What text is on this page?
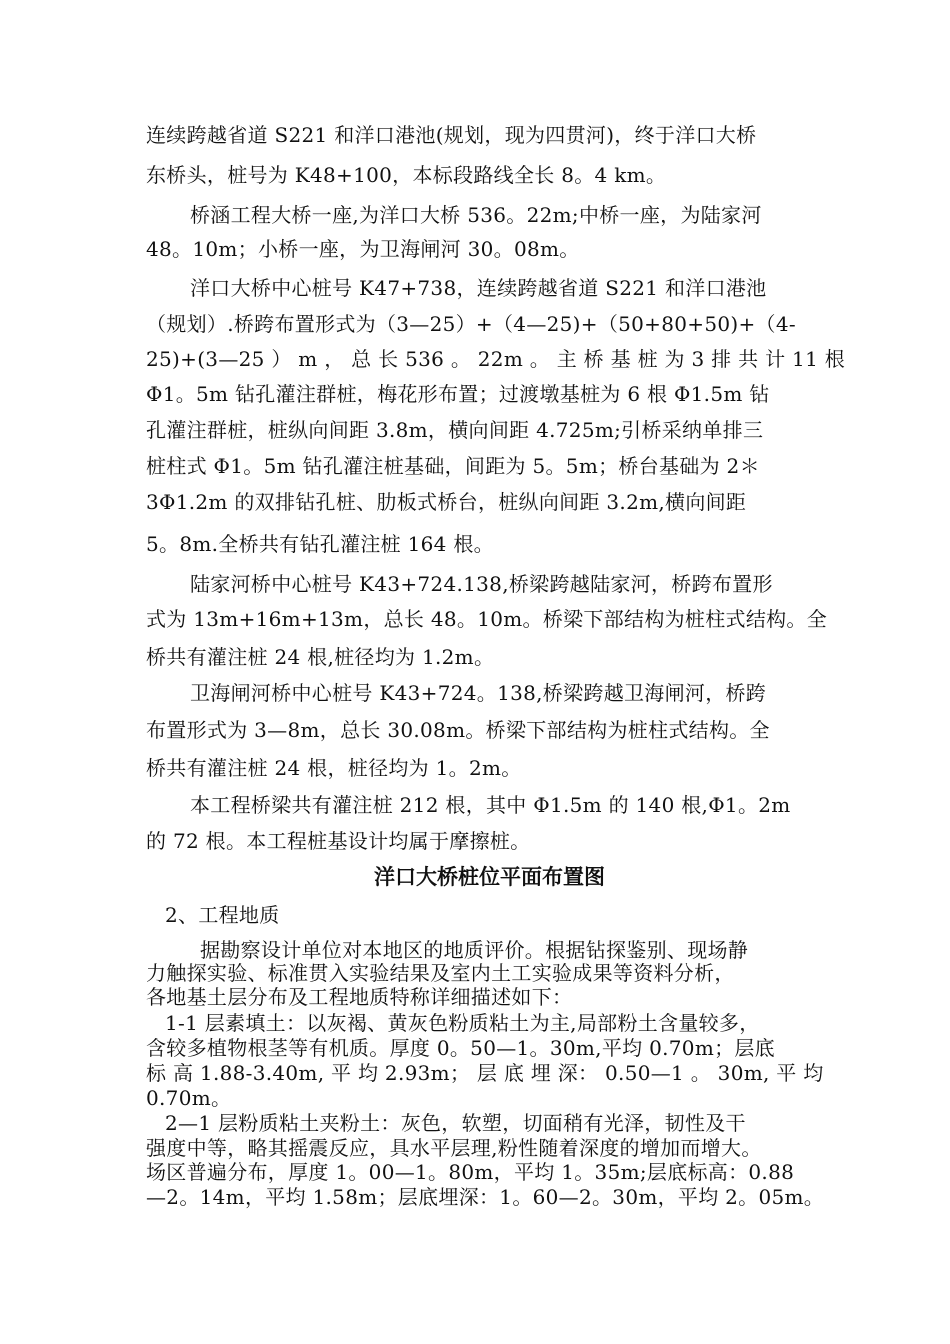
连续跨越省道 S221 和洋口港池(规划，现为四贯河)，终于洋口大桥
东桥头，桩号为 K48+100，本标段路线全长 8。4 km。
桥涵工程大桥一座,为洋口大桥 536。22m;中桥一座，为陆家河
48。10m；小桥一座，为卫海闸河 30。08m。
洋口大桥中心桩号 K47+738，连续跨越省道 S221 和洋口港池
（规划）.桥跨布置形式为（3—25）+（4—25)+（50+80+50)+（4-
25)+(3—25 ） m ， 总 长 536 。 22m 。 主 桥 基 桩 为 3 排 共 计 11 根
Φ1。5m 钻孔灌注群桩，梅花形布置；过渡墩基桩为 6 根 Φ1.5m 钻
孔灌注群桩，桩纵向间距 3.8m，横向间距 4.725m;引桥采纳单排三
桩柱式 Φ1。5m 钻孔灌注桩基础，间距为 5。5m；桥台基础为 2＊
3Φ1.2m 的双排钻孔桩、肋板式桥台，桩纵向间距 3.2m,横向间距
5。8m.全桥共有钻孔灌注桩 164 根。
陆家河桥中心桩号 K43+724.138,桥梁跨越陆家河，桥跨布置形
式为 13m+16m+13m，总长 48。10m。桥梁下部结构为桩柱式结构。全
桥共有灌注桩 24 根,桩径均为 1.2m。
卫海闸河桥中心桩号 K43+724。138,桥梁跨越卫海闸河，桥跨
布置形式为 3—8m，总长 30.08m。桥梁下部结构为桩柱式结构。全
桥共有灌注桩 24 根，桩径均为 1。2m。
本工程桥梁共有灌注桩 212 根，其中 Φ1.5m 的 140 根,Φ1。2m
的 72 根。本工程桩基设计均属于摩擦桩。
洋口大桥桩位平面布置图
2、工程地质
据勘察设计单位对本地区的地质评价。根据钻探鉴别、现场静
力触探实验、标准贯入实验结果及室内土工实验成果等资料分析，
各地基土层分布及工程地质特称详细描述如下：
1-1 层素填土：以灰褐、黄灰色粉质粘土为主,局部粉土含量较多，
含较多植物根茎等有机质。厚度 0。50—1。30m,平均 0.70m；层底
标 高 1.88-3.40m, 平 均 2.93m； 层 底 埋 深： 0.50—1 。 30m, 平 均
0.70m。
2—1 层粉质粘土夹粉土：灰色，软塑，切面稍有光泽，韧性及干
强度中等，略其摇震反应，具水平层理,粉性随着深度的增加而增大。
场区普遍分布，厚度 1。00—1。80m，平均 1。35m;层底标高：0.88
—2。14m，平均 1.58m；层底埋深：1。60—2。30m，平均 2。05m。
